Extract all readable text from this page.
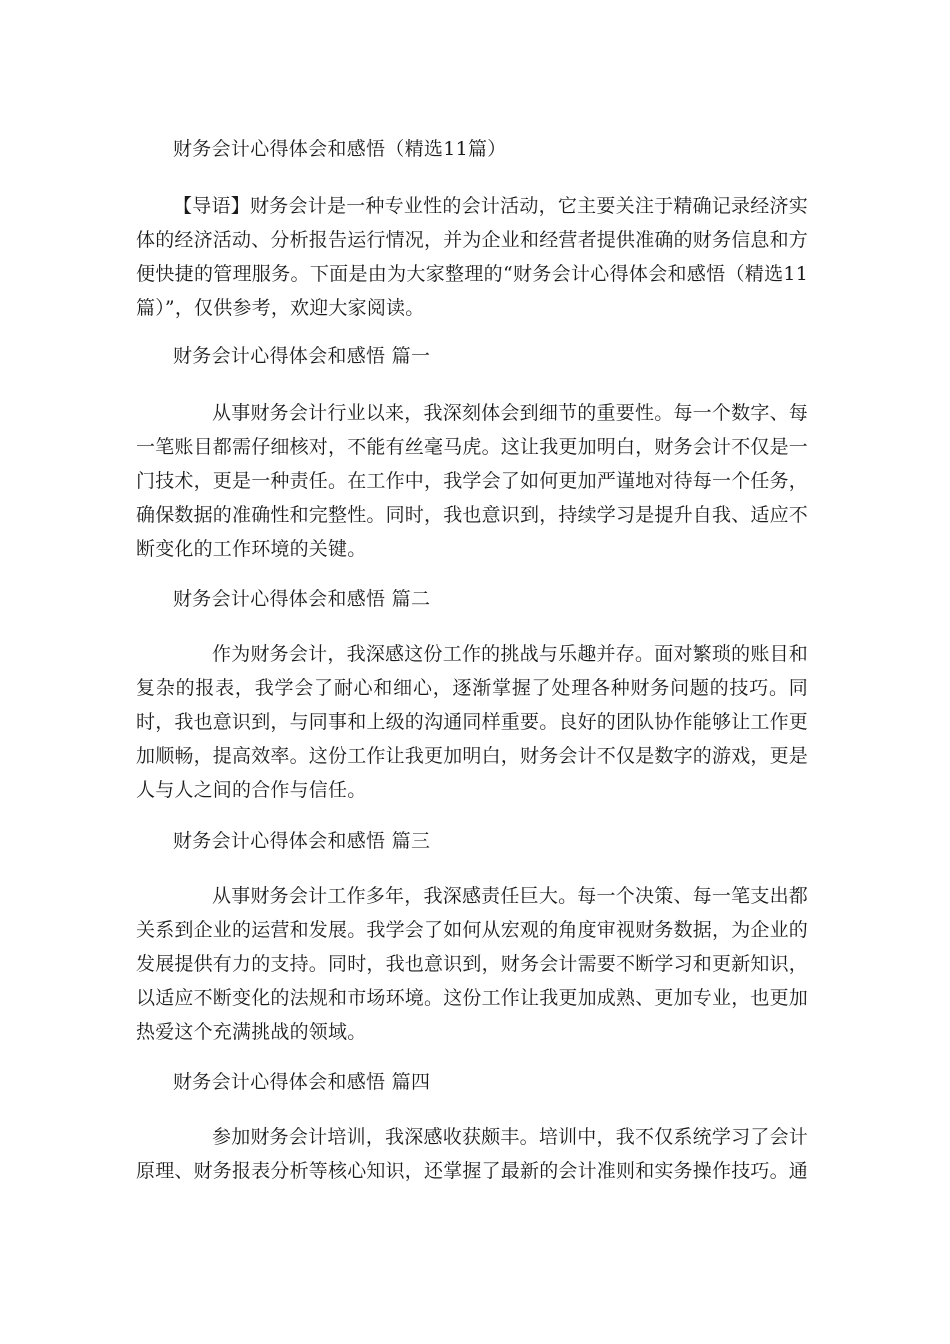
财务会计心得体会和感悟（精选11篇）
【导语】财务会计是一种专业性的会计活动，它主要关注于精确记录经济实体的经济活动、分析报告运行情况，并为企业和经营者提供准确的财务信息和方便快捷的管理服务。下面是由为大家整理的“财务会计心得体会和感悟（精选11篇）”，仅供参考，欢迎大家阅读。
财务会计心得体会和感悟 篇一
从事财务会计行业以来，我深刻体会到细节的重要性。每一个数字、每一笔账目都需仔细核对，不能有丝毫马虎。这让我更加明白，财务会计不仅是一门技术，更是一种责任。在工作中，我学会了如何更加严谨地对待每一个任务，确保数据的准确性和完整性。同时，我也意识到，持续学习是提升自我、适应不断变化的工作环境的关键。
财务会计心得体会和感悟 篇二
作为财务会计，我深感这份工作的挑战与乐趣并存。面对繁琐的账目和复杂的报表，我学会了耐心和细心，逐渐掌握了处理各种财务问题的技巧。同时，我也意识到，与同事和上级的沟通同样重要。良好的团队协作能够让工作更加顺畅，提高效率。这份工作让我更加明白，财务会计不仅是数字的游戏，更是人与人之间的合作与信任。
财务会计心得体会和感悟 篇三
从事财务会计工作多年，我深感责任巨大。每一个决策、每一笔支出都关系到企业的运营和发展。我学会了如何从宏观的角度审视财务数据，为企业的发展提供有力的支持。同时，我也意识到，财务会计需要不断学习和更新知识，以适应不断变化的法规和市场环境。这份工作让我更加成熟、更加专业，也更加热爱这个充满挑战的领域。
财务会计心得体会和感悟 篇四
参加财务会计培训，我深感收获颇丰。培训中，我不仅系统学习了会计原理、财务报表分析等核心知识，还掌握了最新的会计准则和实务操作技巧。通
